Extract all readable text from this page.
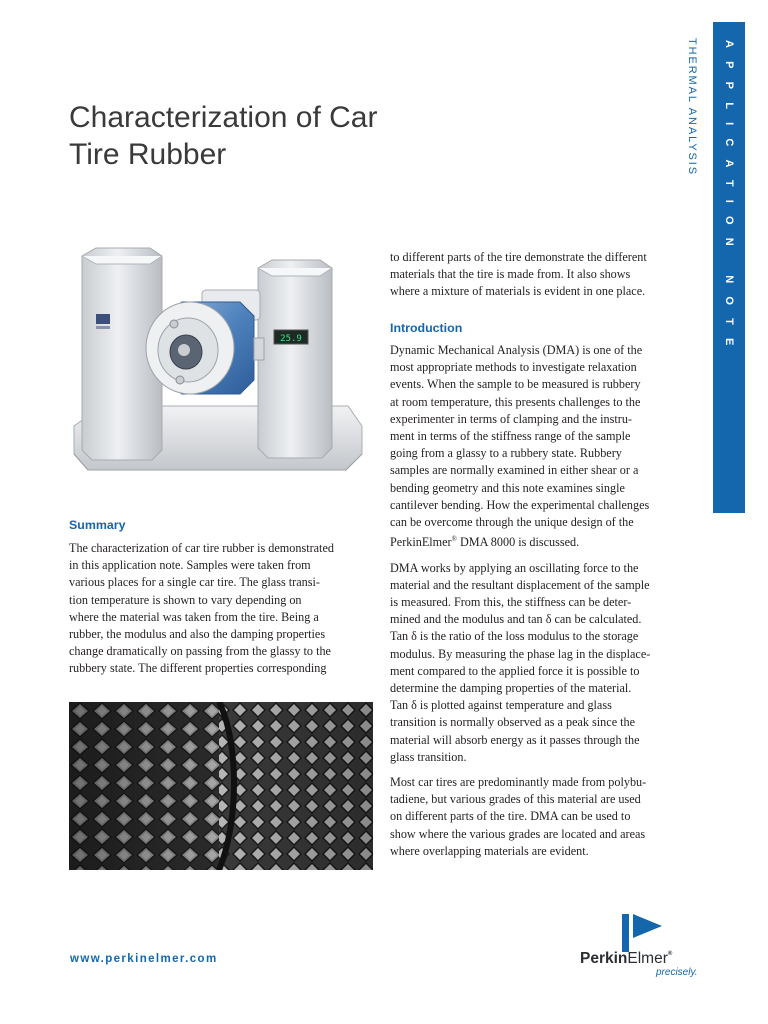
APPLICATION NOTE
THERMAL ANALYSIS
Characterization of Car
Tire Rubber
25.9
Summary
The characterization of car tire rubber is demonstrated
in this application note. Samples were taken from
various places for a single car tire. The glass transi-
tion temperature is shown to vary depending on
where the material was taken from the tire. Being a
rubber, the modulus and also the damping properties
change dramatically on passing from the glassy to the
rubbery state. The different properties corresponding
to different parts of the tire demonstrate the different
materials that the tire is made from. It also shows
where a mixture of materials is evident in one place.
Introduction

Dynamic Mechanical Analysis (DMA) is one of the
most appropriate methods to investigate relaxation
events. When the sample to be measured is rubbery
at room temperature, this presents challenges to the
experimenter in terms of clamping and the instru-
ment in terms of the stiffness range of the sample
going from a glassy to a rubbery state. Rubbery
samples are normally examined in either shear or a
bending geometry and this note examines single
cantilever bending. How the experimental challenges
can be overcome through the unique design of the
PerkinElmer® DMA 8000 is discussed.

DMA works by applying an oscillating force to the
material and the resultant displacement of the sample
is measured. From this, the stiffness can be deter-
mined and the modulus and tan δ can be calculated.
Tan δ is the ratio of the loss modulus to the storage
modulus. By measuring the phase lag in the displace-
ment compared to the applied force it is possible to
determine the damping properties of the material.
Tan δ is plotted against temperature and glass
transition is normally observed as a peak since the
material will absorb energy as it passes through the
glass transition.

Most car tires are predominantly made from polybu-
tadiene, but various grades of this material are used
on different parts of the tire. DMA can be used to
show where the various grades are located and areas
where overlapping materials are evident.

www.perkinelmer.com	PerkinElmer®
precisely.
